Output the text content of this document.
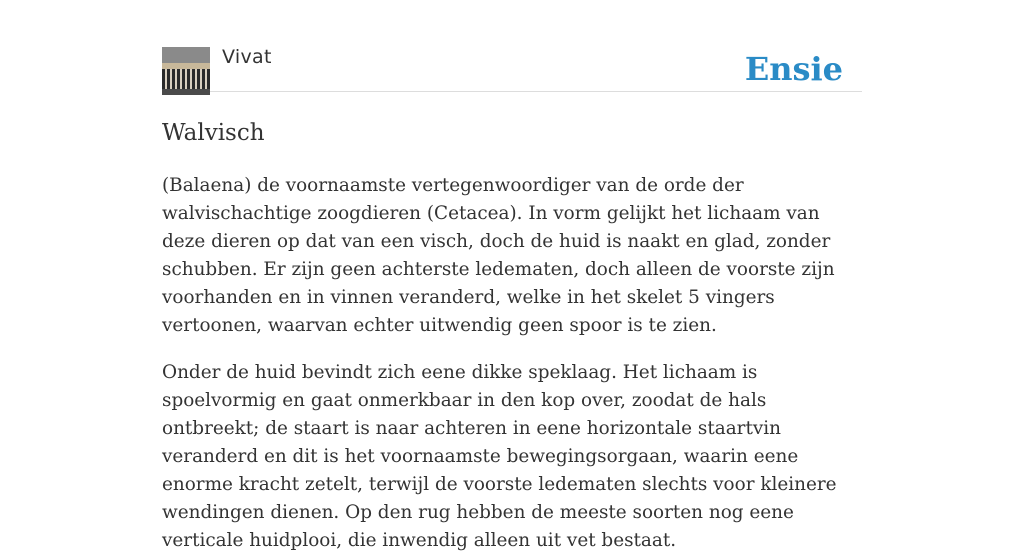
Vivat	Ensie
Walvisch

(Balaena) de voornaamste vertegenwoordiger van de orde der walvischachtige zoogdieren (Cetacea). In vorm gelijkt het lichaam van deze dieren op dat van een visch, doch de huid is naakt en glad, zonder schubben. Er zijn geen achterste ledematen, doch alleen de voorste zijn voorhanden en in vinnen veranderd, welke in het skelet 5 vingers vertoonen, waarvan echter uitwendig geen spoor is te zien.

Onder de huid bevindt zich eene dikke speklaag. Het lichaam is spoelvormig en gaat onmerkbaar in den kop over, zoodat de hals ontbreekt; de staart is naar achteren in eene horizontale staartvin veranderd en dit is het voornaamste bewegingsorgaan, waarin eene enorme kracht zetelt, terwijl de voorste ledematen slechts voor kleinere wendingen dienen. Op den rug hebben de meeste soorten nog eene verticale huidplooi, die inwendig alleen uit vet bestaat.
